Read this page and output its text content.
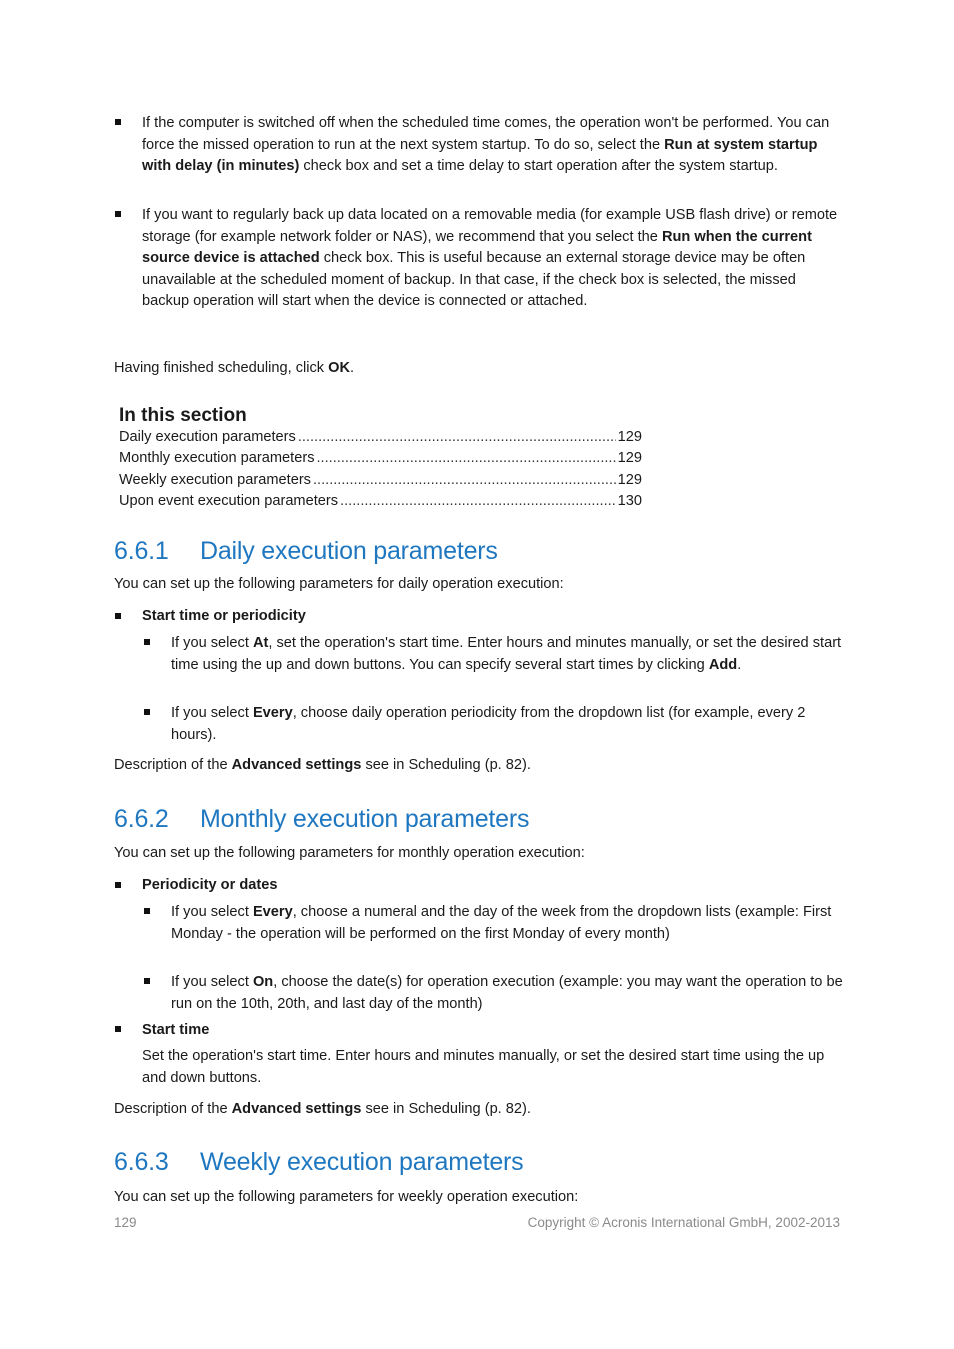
If the computer is switched off when the scheduled time comes, the operation won't be performed. You can force the missed operation to run at the next system startup. To do so, select the Run at system startup with delay (in minutes) check box and set a time delay to start operation after the system startup.
If you want to regularly back up data located on a removable media (for example USB flash drive) or remote storage (for example network folder or NAS), we recommend that you select the Run when the current source device is attached check box. This is useful because an external storage device may be often unavailable at the scheduled moment of backup. In that case, if the check box is selected, the missed backup operation will start when the device is connected or attached.
Having finished scheduling, click OK.
In this section
Daily execution parameters .....	129
Monthly execution parameters .....	129
Weekly execution parameters .....	129
Upon event execution parameters .....	130
6.6.1 Daily execution parameters
You can set up the following parameters for daily operation execution:
Start time or periodicity
If you select At, set the operation's start time. Enter hours and minutes manually, or set the desired start time using the up and down buttons. You can specify several start times by clicking Add.
If you select Every, choose daily operation periodicity from the dropdown list (for example, every 2 hours).
Description of the Advanced settings see in Scheduling (p. 82).
6.6.2 Monthly execution parameters
You can set up the following parameters for monthly operation execution:
Periodicity or dates
If you select Every, choose a numeral and the day of the week from the dropdown lists (example: First Monday - the operation will be performed on the first Monday of every month)
If you select On, choose the date(s) for operation execution (example: you may want the operation to be run on the 10th, 20th, and last day of the month)
Start time
Set the operation's start time. Enter hours and minutes manually, or set the desired start time using the up and down buttons.
Description of the Advanced settings see in Scheduling (p. 82).
6.6.3 Weekly execution parameters
You can set up the following parameters for weekly operation execution:
129	Copyright © Acronis International GmbH, 2002-2013
